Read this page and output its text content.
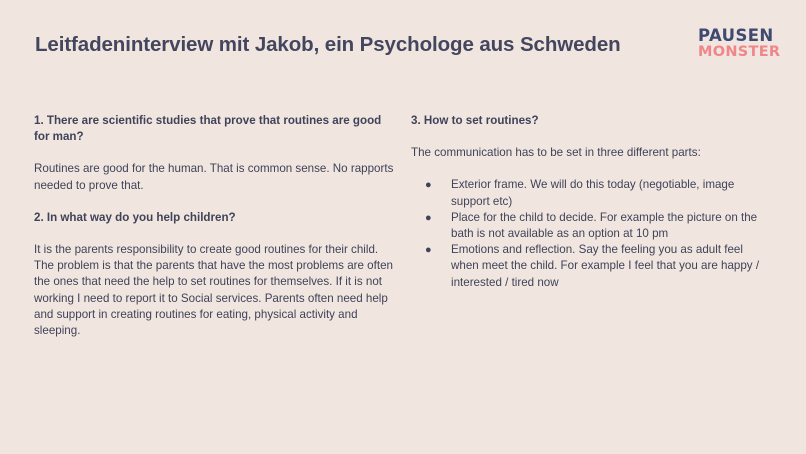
Leitfadeninterview mit Jakob, ein Psychologe aus Schweden	PAUSEN
MONSTER

1. There are scientific studies that prove that routines are good for man?

Routines are good for the human. That is common sense. No rapports needed to prove that.

2. In what way do you help children?

It is the parents responsibility to create good routines for their child. The problem is that the parents that have the most problems are often the ones that need the help to set routines for themselves. If it is not working I need to report it to Social services. Parents often need help and support in creating routines for eating, physical activity and sleeping.

3. How to set routines?

The communication has to be set in three different parts:

● Exterior frame. We will do this today (negotiable, image support etc)
● Place for the child to decide. For example the picture on the bath is not available as an option at 10 pm
● Emotions and reflection. Say the feeling you as adult feel when meet the child. For example I feel that you are happy / interested / tired now
